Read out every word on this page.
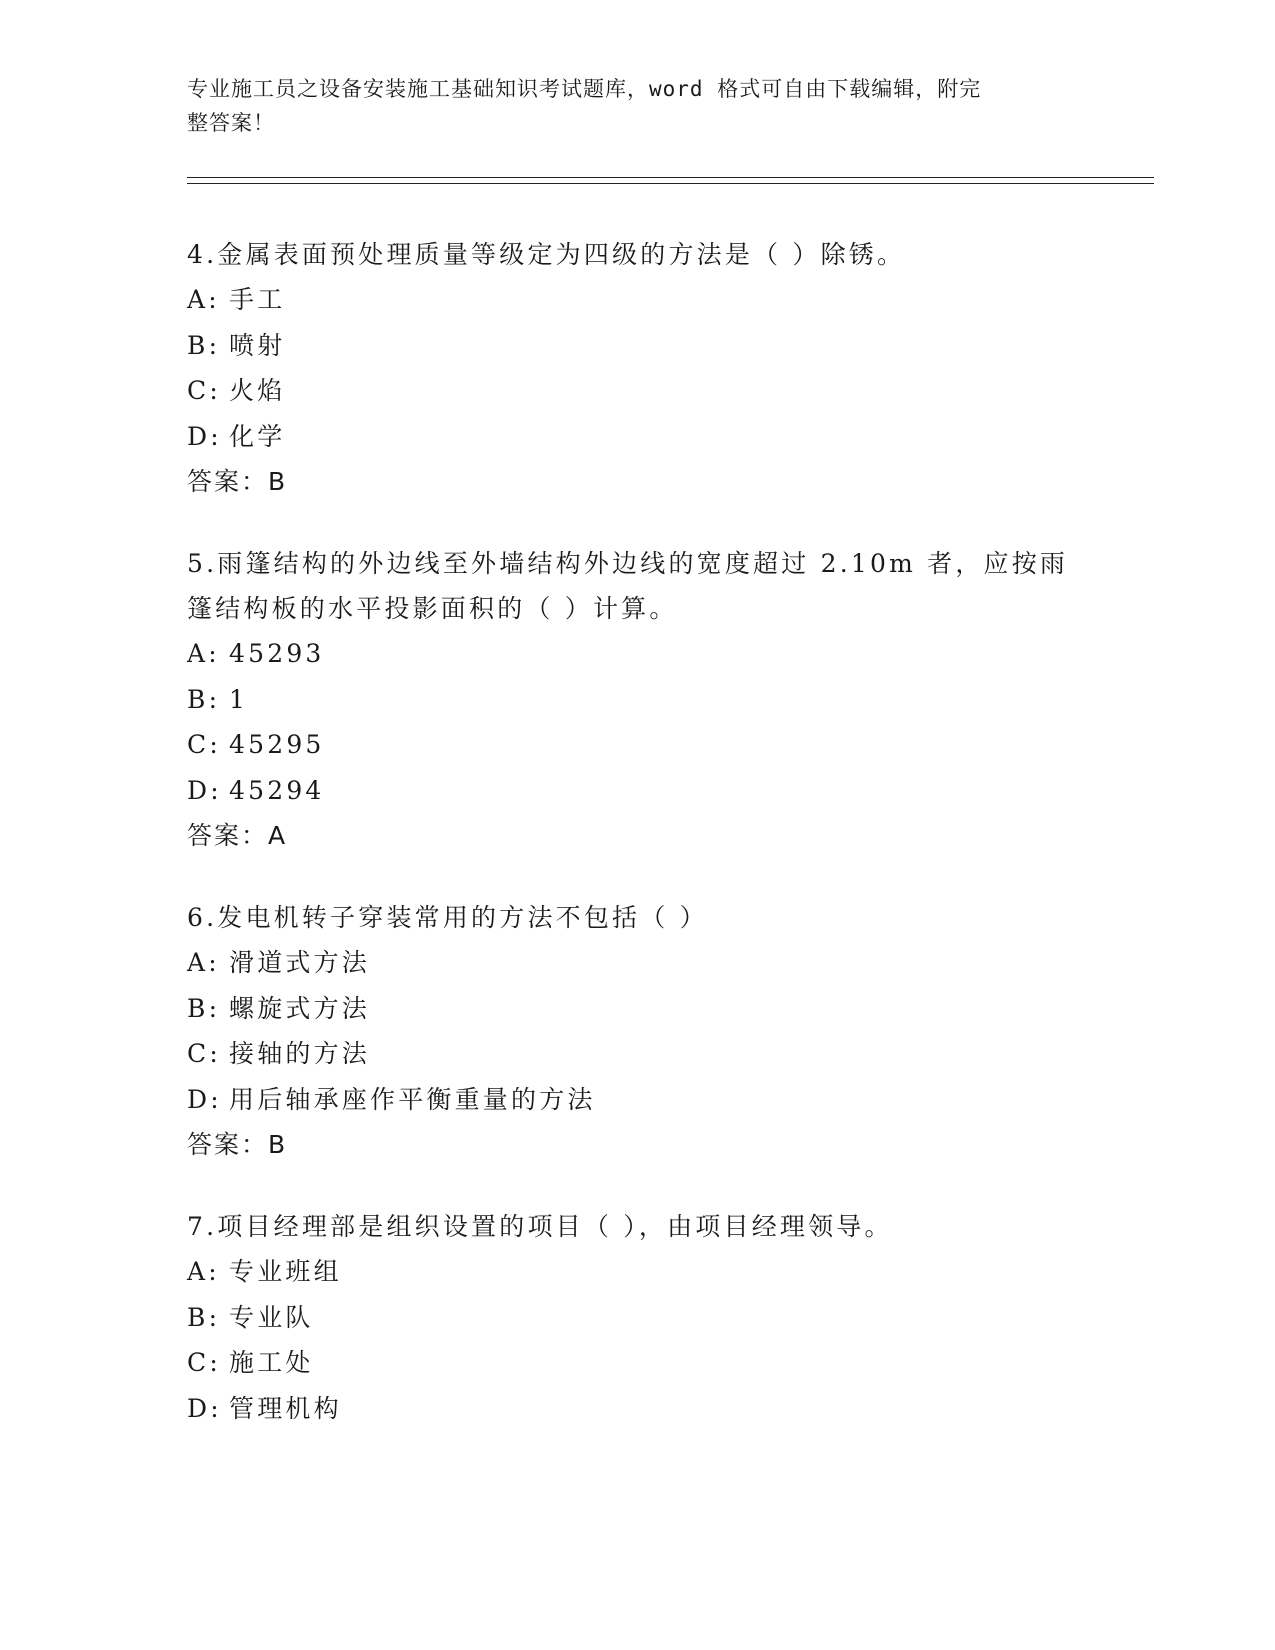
专业施工员之设备安装施工基础知识考试题库，word 格式可自由下载编辑，附完
整答案！

4.金属表面预处理质量等级定为四级的方法是（ ）除锈。

A: 手工

B: 喷射

C: 火焰

D: 化学

答案：B

5.雨篷结构的外边线至外墙结构外边线的宽度超过 2.10m 者，应按雨

篷结构板的水平投影面积的（ ）计算。

A: 45293

B: 1

C: 45295

D: 45294

答案：A

6.发电机转子穿装常用的方法不包括（ ）

A: 滑道式方法

B: 螺旋式方法

C: 接轴的方法

D: 用后轴承座作平衡重量的方法

答案：B

7.项目经理部是组织设置的项目（ ），由项目经理领导。

A: 专业班组

B: 专业队

C: 施工处

D: 管理机构
